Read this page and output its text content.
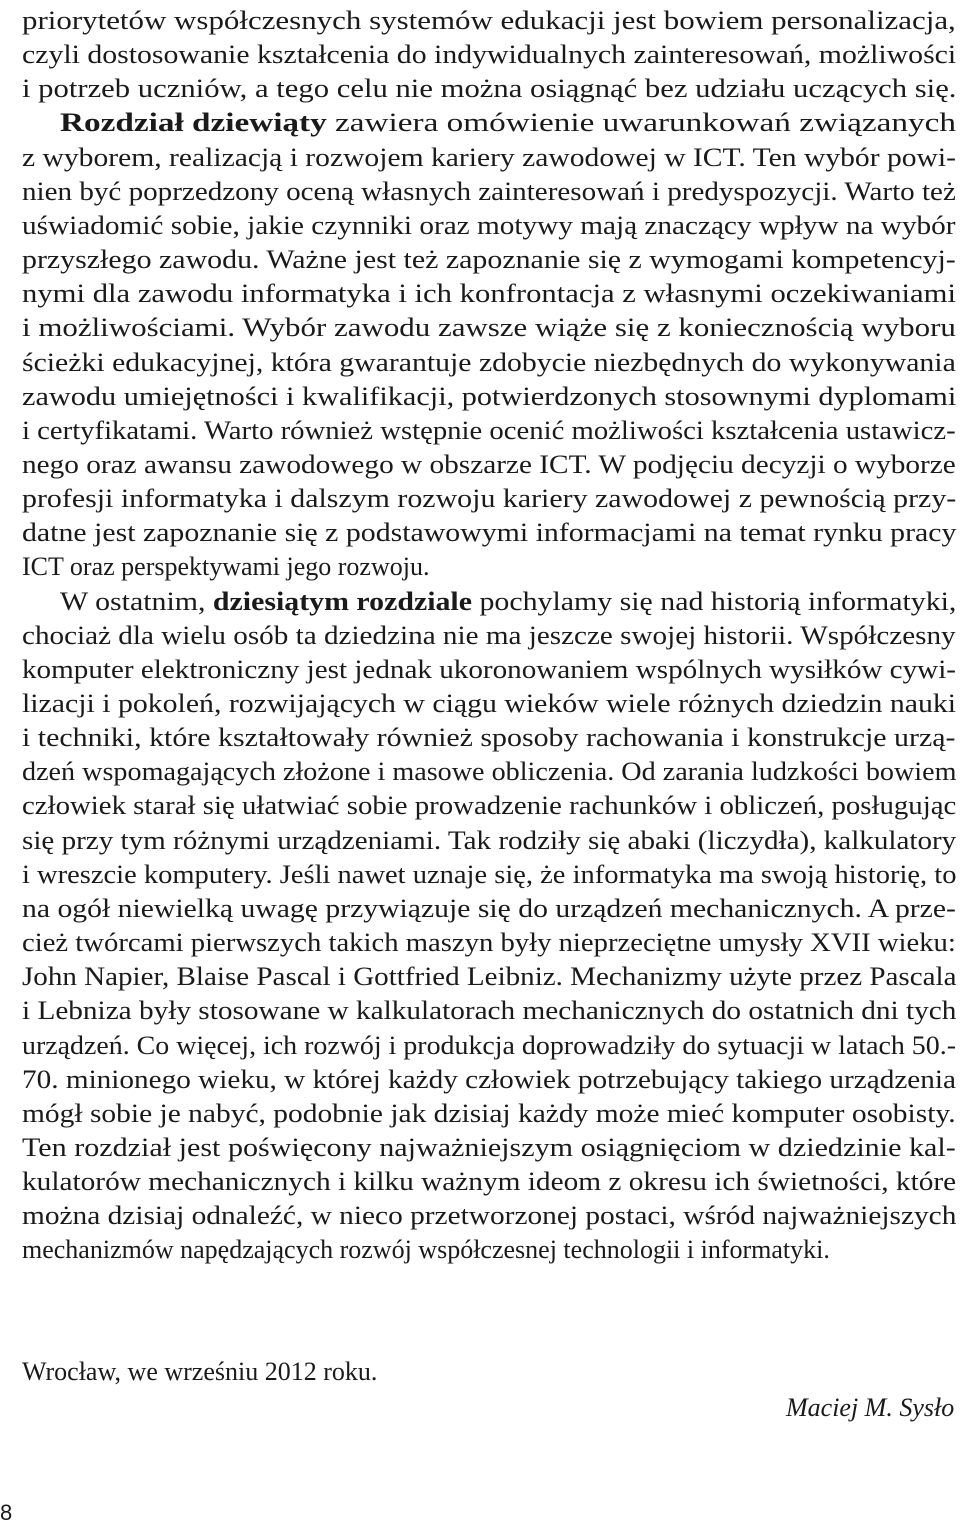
priorytetów współczesnych systemów edukacji jest bowiem personalizacja,
czyli dostosowanie kształcenia do indywidualnych zainteresowań, możliwości
i potrzeb uczniów, a tego celu nie można osiągnąć bez udziału uczących się.
Rozdział dziewiąty zawiera omówienie uwarunkowań związanych
z wyborem, realizacją i rozwojem kariery zawodowej w ICT. Ten wybór powi-
nien być poprzedzony oceną własnych zainteresowań i predyspozycji. Warto też
uświadomić sobie, jakie czynniki oraz motywy mają znaczący wpływ na wybór
przyszłego zawodu. Ważne jest też zapoznanie się z wymogami kompetencyj-
nymi dla zawodu informatyka i ich konfrontacja z własnymi oczekiwaniami
i możliwościami. Wybór zawodu zawsze wiąże się z koniecznością wyboru
ścieżki edukacyjnej, która gwarantuje zdobycie niezbędnych do wykonywania
zawodu umiejętności i kwalifikacji, potwierdzonych stosownymi dyplomami
i certyfikatami. Warto również wstępnie ocenić możliwości kształcenia ustawicz-
nego oraz awansu zawodowego w obszarze ICT. W podjęciu decyzji o wyborze
profesji informatyka i dalszym rozwoju kariery zawodowej z pewnością przy-
datne jest zapoznanie się z podstawowymi informacjami na temat rynku pracy
ICT oraz perspektywami jego rozwoju.
W ostatnim, dziesiątym rozdziale pochylamy się nad historią informatyki,
chociaż dla wielu osób ta dziedzina nie ma jeszcze swojej historii. Współczesny
komputer elektroniczny jest jednak ukoronowaniem wspólnych wysiłków cywi-
lizacji i pokoleń, rozwijających w ciągu wieków wiele różnych dziedzin nauki
i techniki, które kształtowały również sposoby rachowania i konstrukcje urzą-
dzeń wspomagających złożone i masowe obliczenia. Od zarania ludzkości bowiem
człowiek starał się ułatwiać sobie prowadzenie rachunków i obliczeń, posługując
się przy tym różnymi urządzeniami. Tak rodziły się abaki (liczydła), kalkulatory
i wreszcie komputery. Jeśli nawet uznaje się, że informatyka ma swoją historię, to
na ogół niewielką uwagę przywiązuje się do urządzeń mechanicznych. A prze-
cież twórcami pierwszych takich maszyn były nieprzeciętne umysły XVII wieku:
John Napier, Blaise Pascal i Gottfried Leibniz. Mechanizmy użyte przez Pascala
i Lebniza były stosowane w kalkulatorach mechanicznych do ostatnich dni tych
urządzeń. Co więcej, ich rozwój i produkcja doprowadziły do sytuacji w latach 50.-
70. minionego wieku, w której każdy człowiek potrzebujący takiego urządzenia
mógł sobie je nabyć, podobnie jak dzisiaj każdy może mieć komputer osobisty.
Ten rozdział jest poświęcony najważniejszym osiągnięciom w dziedzinie kal-
kulatorów mechanicznych i kilku ważnym ideom z okresu ich świetności, które
można dzisiaj odnaleźć, w nieco przetworzonej postaci, wśród najważniejszych
mechanizmów napędzających rozwój współczesnej technologii i informatyki.
Wrocław, we wrześniu 2012 roku.
Maciej M. Sysło
8
